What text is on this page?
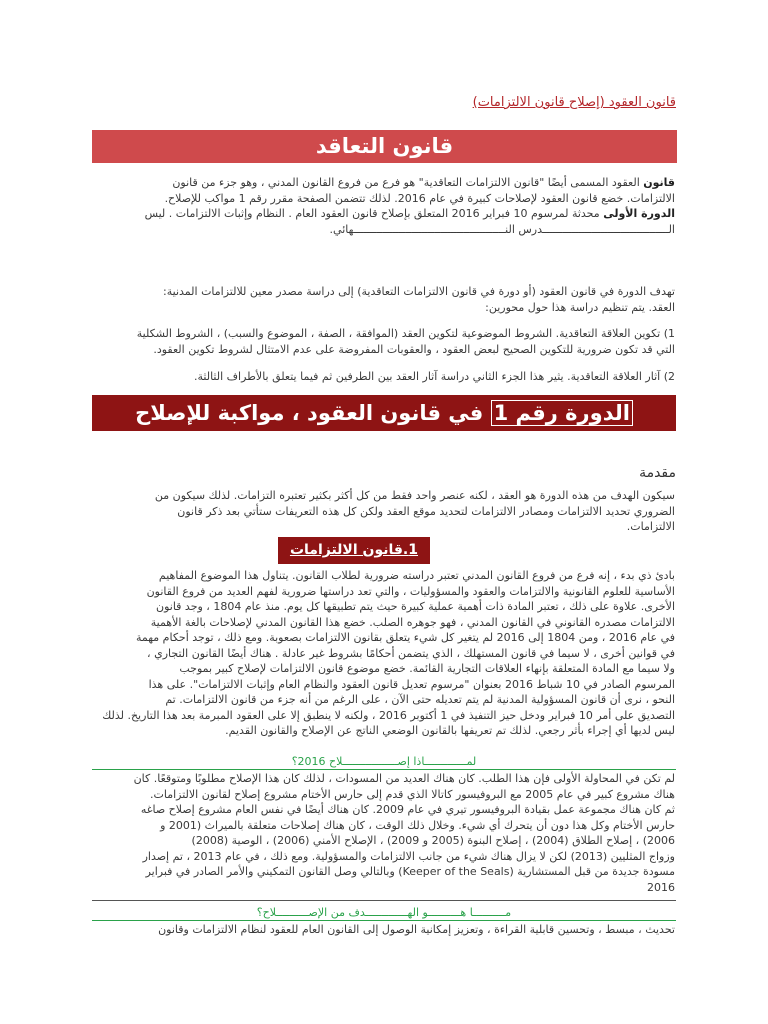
قانون العقود (إصلاح قانون الالتزامات)
قانون التعاقد
قانون العقود المسمى أيضًا "قانون الالتزامات التعاقدية" هو فرع من فروع القانون المدني ، وهو جزء من قانون
الالتزامات. خضع قانون العقود لإصلاحات كبيرة في عام 2016. لذلك تتضمن الصفحة مقرر رقم 1 مواكب للإصلاح.
الدورة الأولى محدثة لمرسوم 10 فبراير 2016 المتعلق بإصلاح قانون العقود العام . النظام وإثبات الالتزامات . ليس
الـــــــــــــــــــــــــــــــــــــــدرس النـــــــــــــــــــــــــــــــــــــــــــــــهائي.
تهدف الدورة في قانون العقود (أو دورة في قانون الالتزامات التعاقدية) إلى دراسة مصدر معين للالتزامات المدنية:
العقد. يتم تنظيم دراسة هذا حول محورين:
1) تكوين العلاقة التعاقدية. الشروط الموضوعية لتكوين العقد (الموافقة ، الصفة ، الموضوع والسبب) ، الشروط الشكلية
التي قد تكون ضرورية للتكوين الصحيح لبعض العقود ، والعقوبات المفروضة على عدم الامتثال لشروط تكوين العقود.
2) آثار العلاقة التعاقدية. يثير هذا الجزء الثاني دراسة آثار العقد بين الطرفين ثم فيما يتعلق بالأطراف الثالثة.
الدورة رقم 1 في قانون العقود ، مواكبة للإصلاح
مقدمة
سيكون الهدف من هذه الدورة هو العقد ، لكنه عنصر واحد فقط من كل أكثر بكثير تعتبره التزامات. لذلك سيكون من
الضروري تحديد الالتزامات ومصادر الالتزامات لتحديد موقع العقد ولكن كل هذه التعريفات ستأتي بعد ذكر قانون
الالتزامات.
1.قانون الالتزامات
بادئ ذي بدء ، إنه فرع من فروع القانون المدني تعتبر دراسته ضرورية لطلاب القانون. يتناول هذا الموضوع المفاهيم
الأساسية للعلوم القانونية والالتزامات والعقود والمسؤوليات ، والتي تعد دراستها ضرورية لفهم العديد من فروع القانون
الأخرى. علاوة على ذلك ، تعتبر المادة ذات أهمية عملية كبيرة حيث يتم تطبيقها كل يوم. منذ عام 1804 ، وجد قانون
الالتزامات مصدره القانوني في القانون المدني ، فهو جوهره الصلب. خضع هذا القانون المدني لإصلاحات بالغة الأهمية
في عام 2016 ، ومن 1804 إلى 2016 لم يتغير كل شيء يتعلق بقانون الالتزامات بصعوبة. ومع ذلك ، توجد أحكام مهمة
في قوانين أخرى ، لا سيما في قانون المستهلك ، الذي يتضمن أحكامًا بشروط غير عادلة . هناك أيضًا القانون التجاري ،
ولا سيما مع المادة المتعلقة بإنهاء العلاقات التجارية القائمة. خضع موضوع قانون الالتزامات لإصلاح كبير بموجب
المرسوم الصادر في 10 شباط 2016 بعنوان "مرسوم تعديل قانون العقود والنظام العام وإثبات الالتزامات". على هذا
النحو ، نرى أن قانون المسؤولية المدنية لم يتم تعديله حتى الآن ، على الرغم من أنه جزء من قانون الالتزامات. تم
التصديق على أمر 10 فبراير ودخل حيز التنفيذ في 1 أكتوبر 2016 ، ولكنه لا ينطبق إلا على العقود المبرمة بعد هذا التاريخ. لذلك
ليس لديها أي إجراء بأثر رجعي. لذلك تم تعريفها بالقانون الوضعي الناتج عن الإصلاح والقانون القديم.
لمـــــــــــــاذا إصـــــــــــــــــلاح 2016؟
لم تكن في المحاولة الأولى فإن هذا الطلب. كان هناك العديد من المسودات ، لذلك كان هذا الإصلاح مطلوبًا ومتوقعًا. كان
هناك مشروع كبير في عام 2005 مع البروفيسور كاتالا الذي قدم إلى حارس الأختام مشروع إصلاح لقانون الالتزامات.
ثم كان هناك مجموعة عمل بقيادة البروفيسور تيري في عام 2009. كان هناك أيضًا في نفس العام مشروع إصلاح صاغه
حارس الأختام وكل هذا دون أن يتحرك أي شيء. وخلال ذلك الوقت ، كان هناك إصلاحات متعلقة بالميراث (2001 و
2006) ، إصلاح الطلاق (2004) ، إصلاح البنوة (2005 و 2009) ، الإصلاح الأمني (2006) ، الوصية (2008)
وزواج المثليين (2013) لكن لا يزال هناك شيء من جانب الالتزامات والمسؤولية. ومع ذلك ، في عام 2013 ، تم إصدار
مسودة جديدة من قبل المستشارية (Keeper of the Seals) وبالتالي وصل القانون التمكيني والأمر الصادر في فبراير
2016
مــــــــــا هــــــــــو الهـــــــــــــدف من الإصــــــــــلاح؟
تحديث ، مبسط ، وتحسين قابلية القراءة ، وتعزيز إمكانية الوصول إلى القانون العام للعقود لنظام الالتزامات وقانون
